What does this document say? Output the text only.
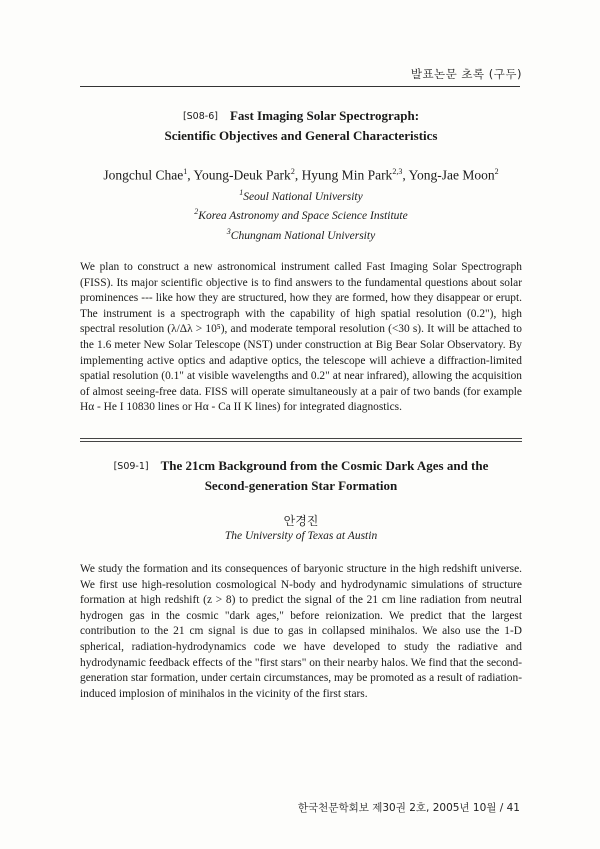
발표논문 초록 (구두)
[S08-6] Fast Imaging Solar Spectrograph:
Scientific Objectives and General Characteristics
Jongchul Chae$^1$, Young-Deuk Park$^2$, Hyung Min Park$^{2,3}$, Yong-Jae Moon$^2$
$^1$Seoul National University
$^2$Korea Astronomy and Space Science Institute
$^3$Chungnam National University
We plan to construct a new astronomical instrument called Fast Imaging Solar Spectrograph (FISS). Its major scientific objective is to find answers to the fundamental questions about solar prominences --- like how they are structured, how they are formed, how they disappear or erupt. The instrument is a spectrograph with the capability of high spatial resolution (0.2"), high spectral resolution (λ/Δλ > 10⁵), and moderate temporal resolution (<30 s). It will be attached to the 1.6 meter New Solar Telescope (NST) under construction at Big Bear Solar Observatory. By implementing active optics and adaptive optics, the telescope will achieve a diffraction-limited spatial resolution (0.1" at visible wavelengths and 0.2" at near infrared), allowing the acquisition of almost seeing-free data. FISS will operate simultaneously at a pair of two bands (for example Hα - He I 10830 lines or Hα - Ca II K lines) for integrated diagnostics.
[S09-1] The 21cm Background from the Cosmic Dark Ages and the
Second-generation Star Formation
안경진
The University of Texas at Austin
We study the formation and its consequences of baryonic structure in the high redshift universe. We first use high-resolution cosmological N-body and hydrodynamic simulations of structure formation at high redshift (z > 8) to predict the signal of the 21 cm line radiation from neutral hydrogen gas in the cosmic "dark ages," before reionization. We predict that the largest contribution to the 21 cm signal is due to gas in collapsed minihalos. We also use the 1-D spherical, radiation-hydrodynamics code we have developed to study the radiative and hydrodynamic feedback effects of the "first stars" on their nearby halos. We find that the second-generation star formation, under certain circumstances, may be promoted as a result of radiation-induced implosion of minihalos in the vicinity of the first stars.
한국천문학회보 제30권 2호, 2005년 10월 / 41
